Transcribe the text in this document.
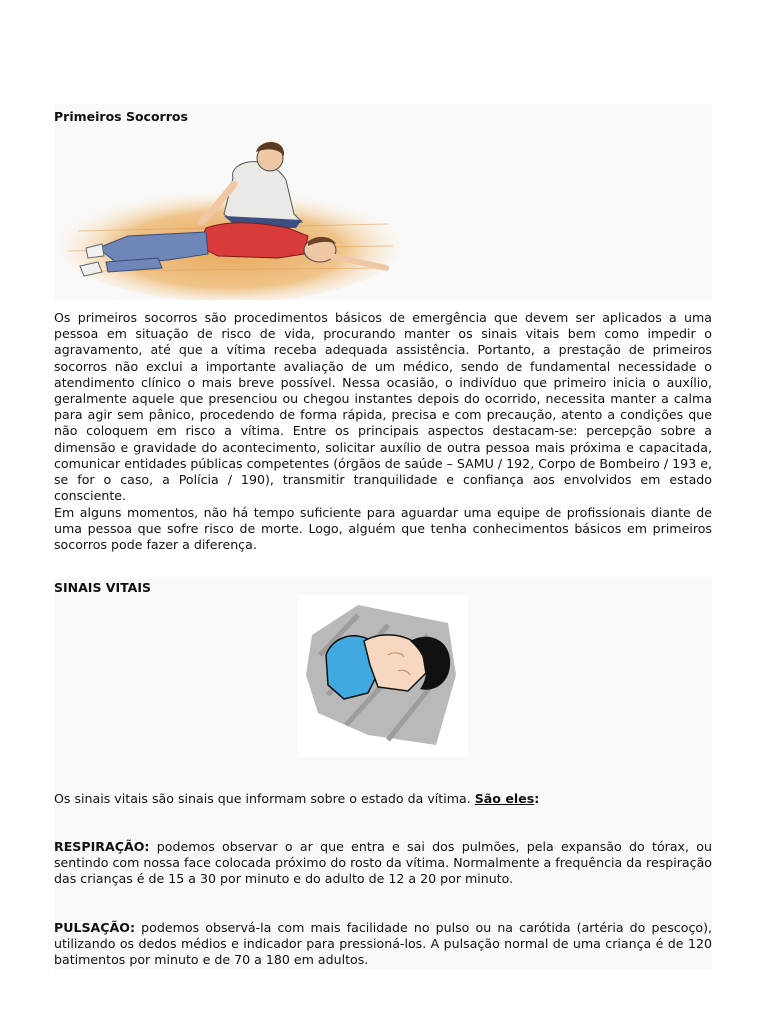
Primeiros Socorros

Os primeiros socorros são procedimentos básicos de emergência que devem ser aplicados a uma pessoa em situação de risco de vida, procurando manter os sinais vitais bem como impedir o agravamento, até que a vítima receba adequada assistência. Portanto, a prestação de primeiros socorros não exclui a importante avaliação de um médico, sendo de fundamental necessidade o atendimento clínico o mais breve possível. Nessa ocasião, o indivíduo que primeiro inicia o auxílio, geralmente aquele que presenciou ou chegou instantes depois do ocorrido, necessita manter a calma para agir sem pânico, procedendo de forma rápida, precisa e com precaução, atento a condições que não coloquem em risco a vítima. Entre os principais aspectos destacam-se: percepção sobre a dimensão e gravidade do acontecimento, solicitar auxílio de outra pessoa mais próxima e capacitada, comunicar entidades públicas competentes (órgãos de saúde – SAMU / 192, Corpo de Bombeiro / 193 e, se for o caso, a Polícia / 190), transmitir tranquilidade e confiança aos envolvidos em estado consciente.

Em alguns momentos, não há tempo suficiente para aguardar uma equipe de profissionais diante de uma pessoa que sofre risco de morte. Logo, alguém que tenha conhecimentos básicos em primeiros socorros pode fazer a diferença.

SINAIS VITAIS

Os sinais vitais são sinais que informam sobre o estado da vítima. São eles:

RESPIRAÇÃO: podemos observar o ar que entra e sai dos pulmões, pela expansão do tórax, ou sentindo com nossa face colocada próximo do rosto da vítima. Normalmente a frequência da respiração das crianças é de 15 a 30 por minuto e do adulto de 12 a 20 por minuto.

PULSAÇÃO: podemos observá-la com mais facilidade no pulso ou na carótida (artéria do pescoço), utilizando os dedos médios e indicador para pressioná-los. A pulsação normal de uma criança é de 120 batimentos por minuto e de 70 a 180 em adultos.
